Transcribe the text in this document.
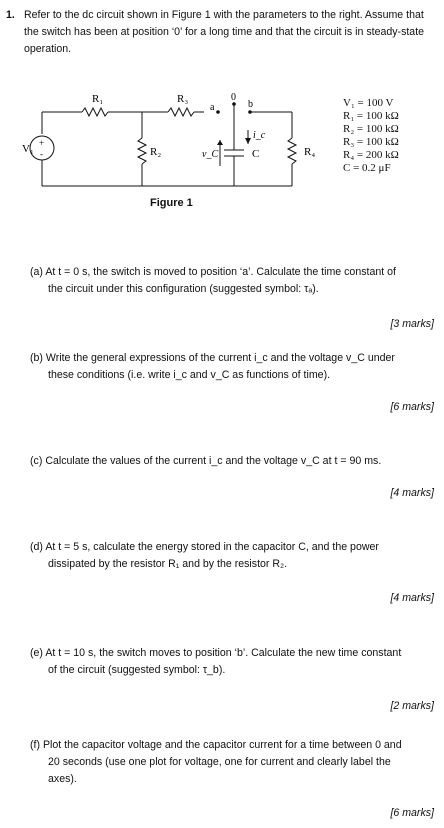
1. Refer to the dc circuit shown in Figure 1 with the parameters to the right. Assume that the switch has been at position ‘0’ for a long time and that the circuit is in steady-state operation.
R₁	R₃
a
0
b
V₁ +
-	R₂	v_C	C
i_c
R₄
V₁ = 100 V
R₁ = 100 kΩ
R₂ = 100 kΩ
R₃ = 100 kΩ
R₄ = 200 kΩ
C = 0.2 μF
Figure 1
(a) At t = 0 s, the switch is moved to position ‘a’. Calculate the time constant of
the circuit under this configuration (suggested symbol: τₐ).
[3 marks]
(b) Write the general expressions of the current i_c and the voltage v_C under
these conditions (i.e. write i_c and v_C as functions of time).
[6 marks]
(c) Calculate the values of the current i_c and the voltage v_C at t = 90 ms.
[4 marks]
(d) At t = 5 s, calculate the energy stored in the capacitor C, and the power
dissipated by the resistor R₁ and by the resistor R₂.
[4 marks]
(e) At t = 10 s, the switch moves to position ‘b’. Calculate the new time constant
of the circuit (suggested symbol: τ_b).
[2 marks]
(f) Plot the capacitor voltage and the capacitor current for a time between 0 and
20 seconds (use one plot for voltage, one for current and clearly label the
axes).
[6 marks]
